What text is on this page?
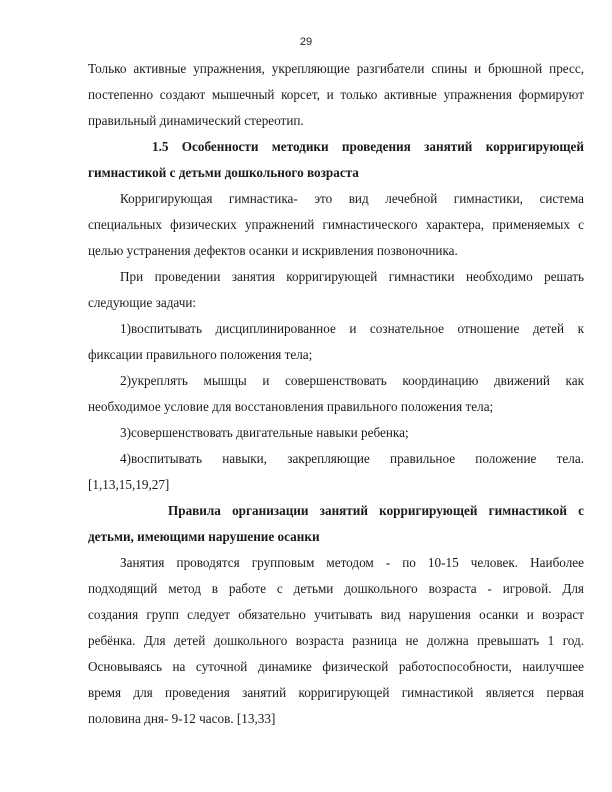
29
Только активные упражнения, укрепляющие разгибатели спины и брюшной пресс,
постепенно создают мышечный корсет, и только активные упражнения формируют
правильный динамический стереотип.
1.5 Особенности методики проведения занятий корригирующей
гимнастикой с детьми дошкольного возраста
Корригирующая гимнастика- это вид лечебной гимнастики, система
специальных физических упражнений гимнастического характера, применяемых с
целью устранения дефектов осанки и искривления позвоночника.
При проведении занятия корригирующей гимнастики необходимо решать
следующие задачи:
1)воспитывать дисциплинированное и сознательное отношение детей к
фиксации правильного положения тела;
2)укреплять мышцы и совершенствовать координацию движений как
необходимое условие для восстановления правильного положения тела;
3)совершенствовать двигательные навыки ребенка;
4)воспитывать навыки, закрепляющие правильное положение тела.
[1,13,15,19,27]
Правила организации занятий корригирующей гимнастикой с
детьми, имеющими нарушение осанки
Занятия проводятся групповым методом - по 10-15 человек. Наиболее
подходящий метод в работе с детьми дошкольного возраста - игровой. Для
создания групп следует обязательно учитывать вид нарушения осанки и возраст
ребёнка. Для детей дошкольного возраста разница не должна превышать 1 год.
Основываясь на суточной динамике физической работоспособности, наилучшее
время для проведения занятий корригирующей гимнастикой является первая
половина дня- 9-12 часов. [13,33]
